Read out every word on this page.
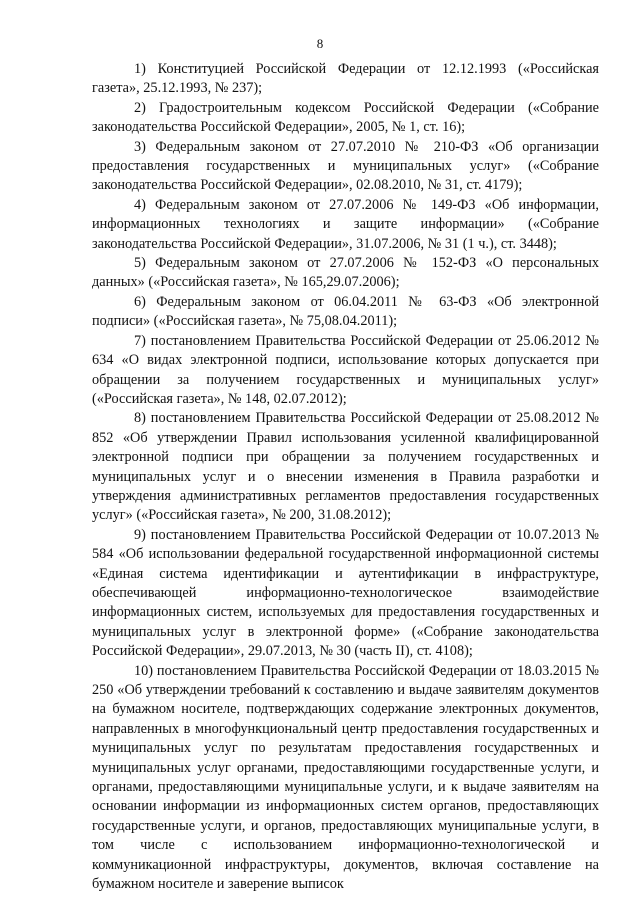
8

1) Конституцией Российской Федерации от 12.12.1993 («Российская газета», 25.12.1993, № 237);

2) Градостроительным кодексом Российской Федерации («Собрание законодательства Российской Федерации», 2005, № 1, ст. 16);

3) Федеральным законом от 27.07.2010 № 210-ФЗ «Об организации предоставления государственных и муниципальных услуг» («Собрание законодательства Российской Федерации», 02.08.2010, № 31, ст. 4179);

4) Федеральным законом от 27.07.2006 № 149-ФЗ «Об информации, информационных технологиях и защите информации» («Собрание законодательства Российской Федерации», 31.07.2006, № 31 (1 ч.), ст. 3448);

5) Федеральным законом от 27.07.2006 № 152-ФЗ «О персональных данных» («Российская газета», № 165,29.07.2006);

6) Федеральным законом от 06.04.2011 № 63-ФЗ «Об электронной подписи» («Российская газета», № 75,08.04.2011);

7) постановлением Правительства Российской Федерации от 25.06.2012 № 634 «О видах электронной подписи, использование которых допускается при обращении за получением государственных и муниципальных услуг» («Российская газета», № 148, 02.07.2012);

8) постановлением Правительства Российской Федерации от 25.08.2012 № 852 «Об утверждении Правил использования усиленной квалифицированной электронной подписи при обращении за получением государственных и муниципальных услуг и о внесении изменения в Правила разработки и утверждения административных регламентов предоставления государственных услуг» («Российская газета», № 200, 31.08.2012);

9) постановлением Правительства Российской Федерации от 10.07.2013 № 584 «Об использовании федеральной государственной информационной системы «Единая система идентификации и аутентификации в инфраструктуре, обеспечивающей информационно-технологическое взаимодействие информационных систем, используемых для предоставления государственных и муниципальных услуг в электронной форме» («Собрание законодательства Российской Федерации», 29.07.2013, № 30 (часть II), ст. 4108);

10) постановлением Правительства Российской Федерации от 18.03.2015 № 250 «Об утверждении требований к составлению и выдаче заявителям документов на бумажном носителе, подтверждающих содержание электронных документов, направленных в многофункциональный центр предоставления государственных и муниципальных услуг по результатам предоставления государственных и муниципальных услуг органами, предоставляющими государственные услуги, и органами, предоставляющими муниципальные услуги, и к выдаче заявителям на основании информации из информационных систем органов, предоставляющих государственные услуги, и органов, предоставляющих муниципальные услуги, в том числе с использованием информационно-технологической и коммуникационной инфраструктуры, документов, включая составление на бумажном носителе и заверение выписок
